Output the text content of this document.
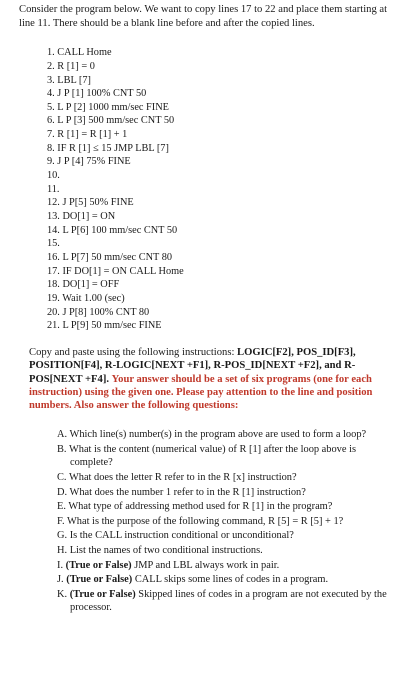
Consider the program below. We want to copy lines 17 to 22 and place them starting at line 11. There should be a blank line before and after the copied lines.

1. CALL Home
2. R [1] = 0
3. LBL [7]
4. J P [1] 100% CNT 50
5. L P [2] 1000 mm/sec FINE
6. L P [3] 500 mm/sec CNT 50
7. R [1] = R [1] + 1
8. IF R [1] ≤ 15 JMP LBL [7]
9. J P [4] 75% FINE
10.
11.
12. J P[5] 50% FINE
13. DO[1] = ON
14. L P[6] 100 mm/sec CNT 50
15.
16. L P[7] 50 mm/sec CNT 80
17. IF DO[1] = ON CALL Home
18. DO[1] = OFF
19. Wait 1.00 (sec)
20. J P[8] 100% CNT 80
21. L P[9] 50 mm/sec FINE
Copy and paste using the following instructions: LOGIC[F2], POS_ID[F3], POSITION[F4], R-LOGIC[NEXT +F1], R-POS_ID[NEXT +F2], and R- POS[NEXT +F4]. Your answer should be a set of six programs (one for each instruction) using the given one. Please pay attention to the line and position numbers. Also answer the following questions:
A. Which line(s) number(s) in the program above are used to form a loop?
B. What is the content (numerical value) of R [1] after the loop above is complete?
C. What does the letter R refer to in the R [x] instruction?
D. What does the number 1 refer to in the R [1] instruction?
E. What type of addressing method used for R [1] in the program?
F. What is the purpose of the following command, R [5] = R [5] + 1?
G. Is the CALL instruction conditional or unconditional?
H. List the names of two conditional instructions.
I. (True or False) JMP and LBL always work in pair.
J. (True or False) CALL skips some lines of codes in a program.
K. (True or False) Skipped lines of codes in a program are not executed by the processor.
